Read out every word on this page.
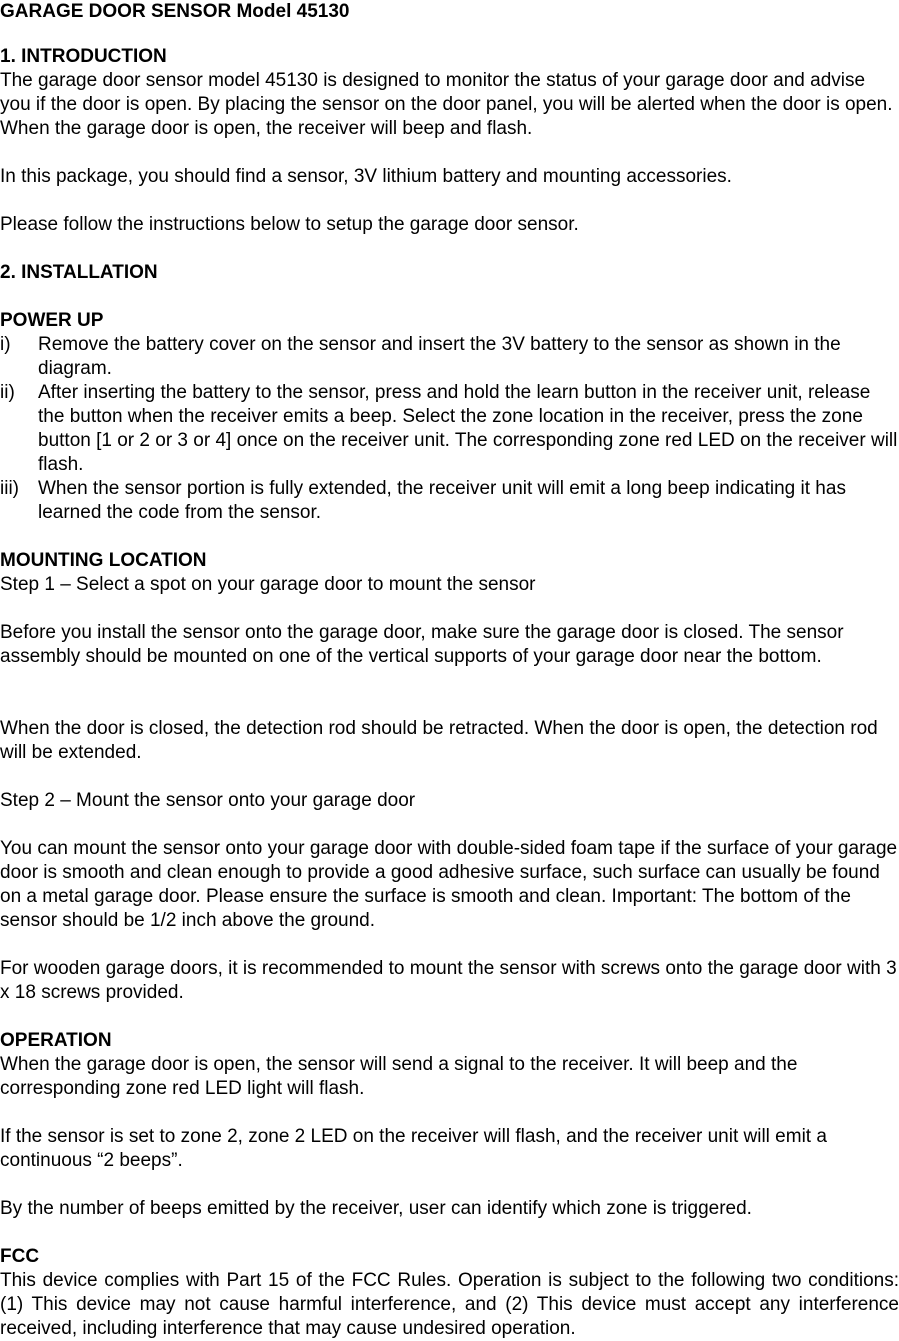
GARAGE DOOR SENSOR Model 45130
1. INTRODUCTION
The garage door sensor model 45130 is designed to monitor the status of your garage door and advise you if the door is open. By placing the sensor on the door panel, you will be alerted when the door is open. When the garage door is open, the receiver will beep and flash.
In this package, you should find a sensor, 3V lithium battery and mounting accessories.
Please follow the instructions below to setup the garage door sensor.
2. INSTALLATION
POWER UP
i)	Remove the battery cover on the sensor and insert the 3V battery to the sensor as shown in the diagram.
ii)	After inserting the battery to the sensor, press and hold the learn button in the receiver unit, release the button when the receiver emits a beep. Select the zone location in the receiver, press the zone button [1 or 2 or 3 or 4] once on the receiver unit. The corresponding zone red LED on the receiver will flash.
iii)	When the sensor portion is fully extended, the receiver unit will emit a long beep indicating it has learned the code from the sensor.
MOUNTING LOCATION
Step 1 – Select a spot on your garage door to mount the sensor
Before you install the sensor onto the garage door, make sure the garage door is closed. The sensor assembly should be mounted on one of the vertical supports of your garage door near the bottom.
When the door is closed, the detection rod should be retracted. When the door is open, the detection rod will be extended.
Step 2 – Mount the sensor onto your garage door
You can mount the sensor onto your garage door with double-sided foam tape if the surface of your garage door is smooth and clean enough to provide a good adhesive surface, such surface can usually be found on a metal garage door. Please ensure the surface is smooth and clean. Important: The bottom of the sensor should be 1/2 inch above the ground.
For wooden garage doors, it is recommended to mount the sensor with screws onto the garage door with 3 x 18 screws provided.
OPERATION
When the garage door is open, the sensor will send a signal to the receiver. It will beep and the corresponding zone red LED light will flash.
If the sensor is set to zone 2, zone 2 LED on the receiver will flash, and the receiver unit will emit a continuous “2 beeps”.
By the number of beeps emitted by the receiver, user can identify which zone is triggered.
FCC
This device complies with Part 15 of the FCC Rules. Operation is subject to the following two conditions: (1) This device may not cause harmful interference, and (2) This device must accept any interference received, including interference that may cause undesired operation.
